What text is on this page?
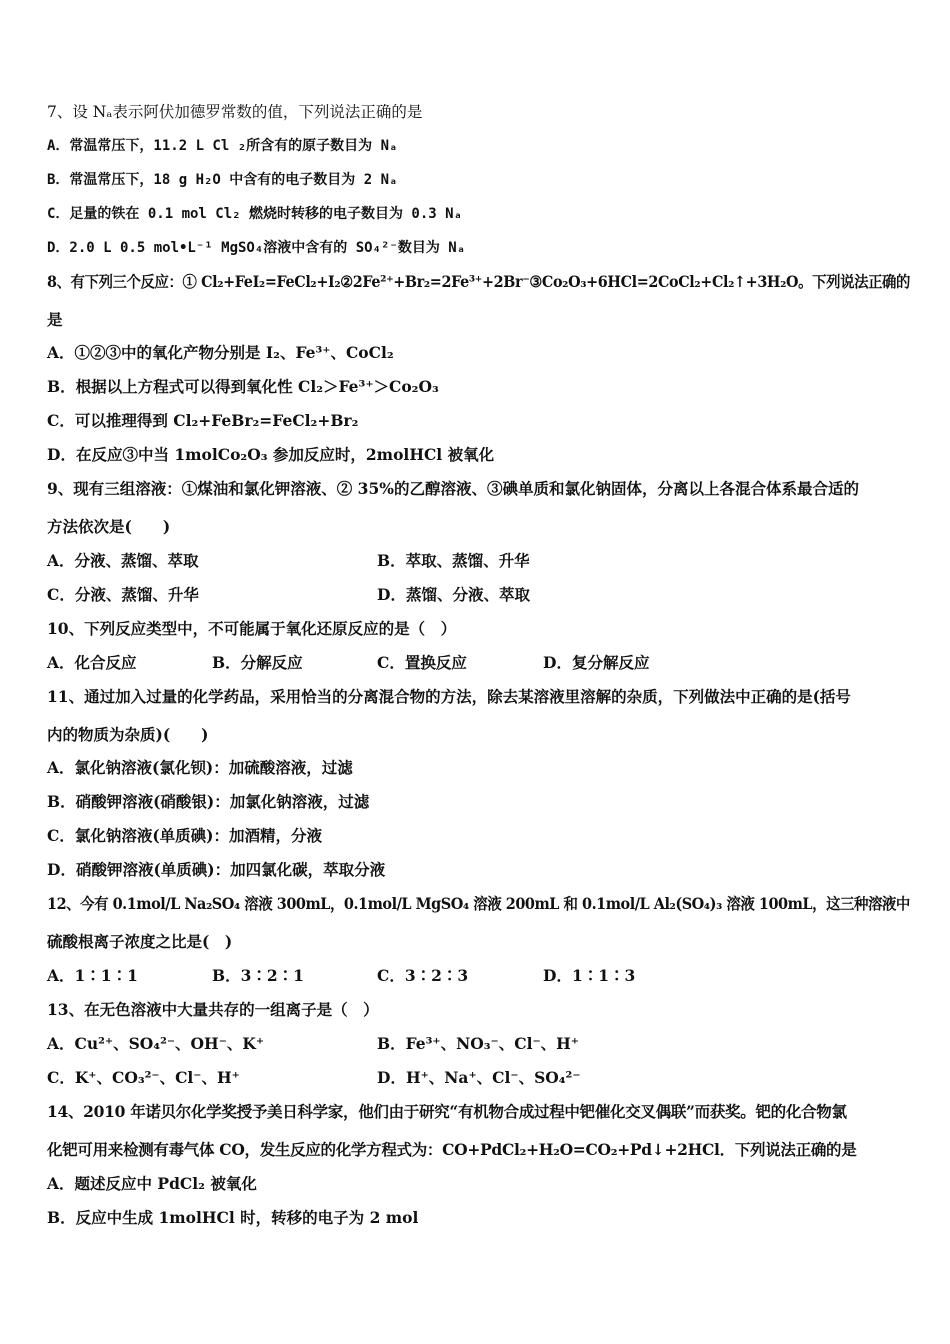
7、设 Nₐ表示阿伏加德罗常数的值，下列说法正确的是
A．常温常压下，11.2 L Cl ₂所含有的原子数目为 Nₐ
B．常温常压下，18 g H₂O 中含有的电子数目为 2 Nₐ
C．足量的铁在 0.1 mol Cl₂ 燃烧时转移的电子数目为 0.3 Nₐ
D．2.0 L 0.5 mol•L⁻¹ MgSO₄溶液中含有的 SO₄²⁻数目为 Nₐ
8、有下列三个反应：① Cl₂+FeI₂=FeCl₂+I₂②2Fe²⁺+Br₂=2Fe³⁺+2Br⁻③Co₂O₃+6HCl=2CoCl₂+Cl₂↑+3H₂O。下列说法正确的
是
A．①②③中的氧化产物分别是 I₂、Fe³⁺、CoCl₂
B．根据以上方程式可以得到氧化性 Cl₂＞Fe³⁺＞Co₂O₃
C．可以推理得到 Cl₂+FeBr₂=FeCl₂+Br₂
D．在反应③中当 1molCo₂O₃ 参加反应时，2molHCl 被氧化
9、现有三组溶液：①煤油和氯化钾溶液、② 35%的乙醇溶液、③碘单质和氯化钠固体，分离以上各混合体系最合适的
方法依次是(　　)
A．分液、蒸馏、萃取	B．萃取、蒸馏、升华
C．分液、蒸馏、升华	D．蒸馏、分液、萃取
10、下列反应类型中，不可能属于氧化还原反应的是（　）
A．化合反应	B．分解反应	C．置换反应	D．复分解反应
11、通过加入过量的化学药品，采用恰当的分离混合物的方法，除去某溶液里溶解的杂质，下列做法中正确的是(括号
内的物质为杂质)(　　)
A．氯化钠溶液(氯化钡)：加硫酸溶液，过滤
B．硝酸钾溶液(硝酸银)：加氯化钠溶液，过滤
C．氯化钠溶液(单质碘)：加酒精，分液
D．硝酸钾溶液(单质碘)：加四氯化碳，萃取分液
12、今有 0.1mol/L Na₂SO₄ 溶液 300mL，0.1mol/L MgSO₄ 溶液 200mL 和 0.1mol/L Al₂(SO₄)₃ 溶液 100mL，这三种溶液中
硫酸根离子浓度之比是(　)
A．1∶1∶1	B．3∶2∶1	C．3∶2∶3	D．1∶1∶3
13、在无色溶液中大量共存的一组离子是（　）
A．Cu²⁺、SO₄²⁻、OH⁻、K⁺	B．Fe³⁺、NO₃⁻、Cl⁻、H⁺
C．K⁺、CO₃²⁻、Cl⁻、H⁺	D．H⁺、Na⁺、Cl⁻、SO₄²⁻
14、2010 年诺贝尔化学奖授予美日科学家，他们由于研究“有机物合成过程中钯催化交叉偶联”而获奖。钯的化合物氯
化钯可用来检测有毒气体 CO，发生反应的化学方程式为：CO+PdCl₂+H₂O=CO₂+Pd↓+2HCl．下列说法正确的是
A．题述反应中 PdCl₂ 被氧化
B．反应中生成 1molHCl 时，转移的电子为 2 mol
